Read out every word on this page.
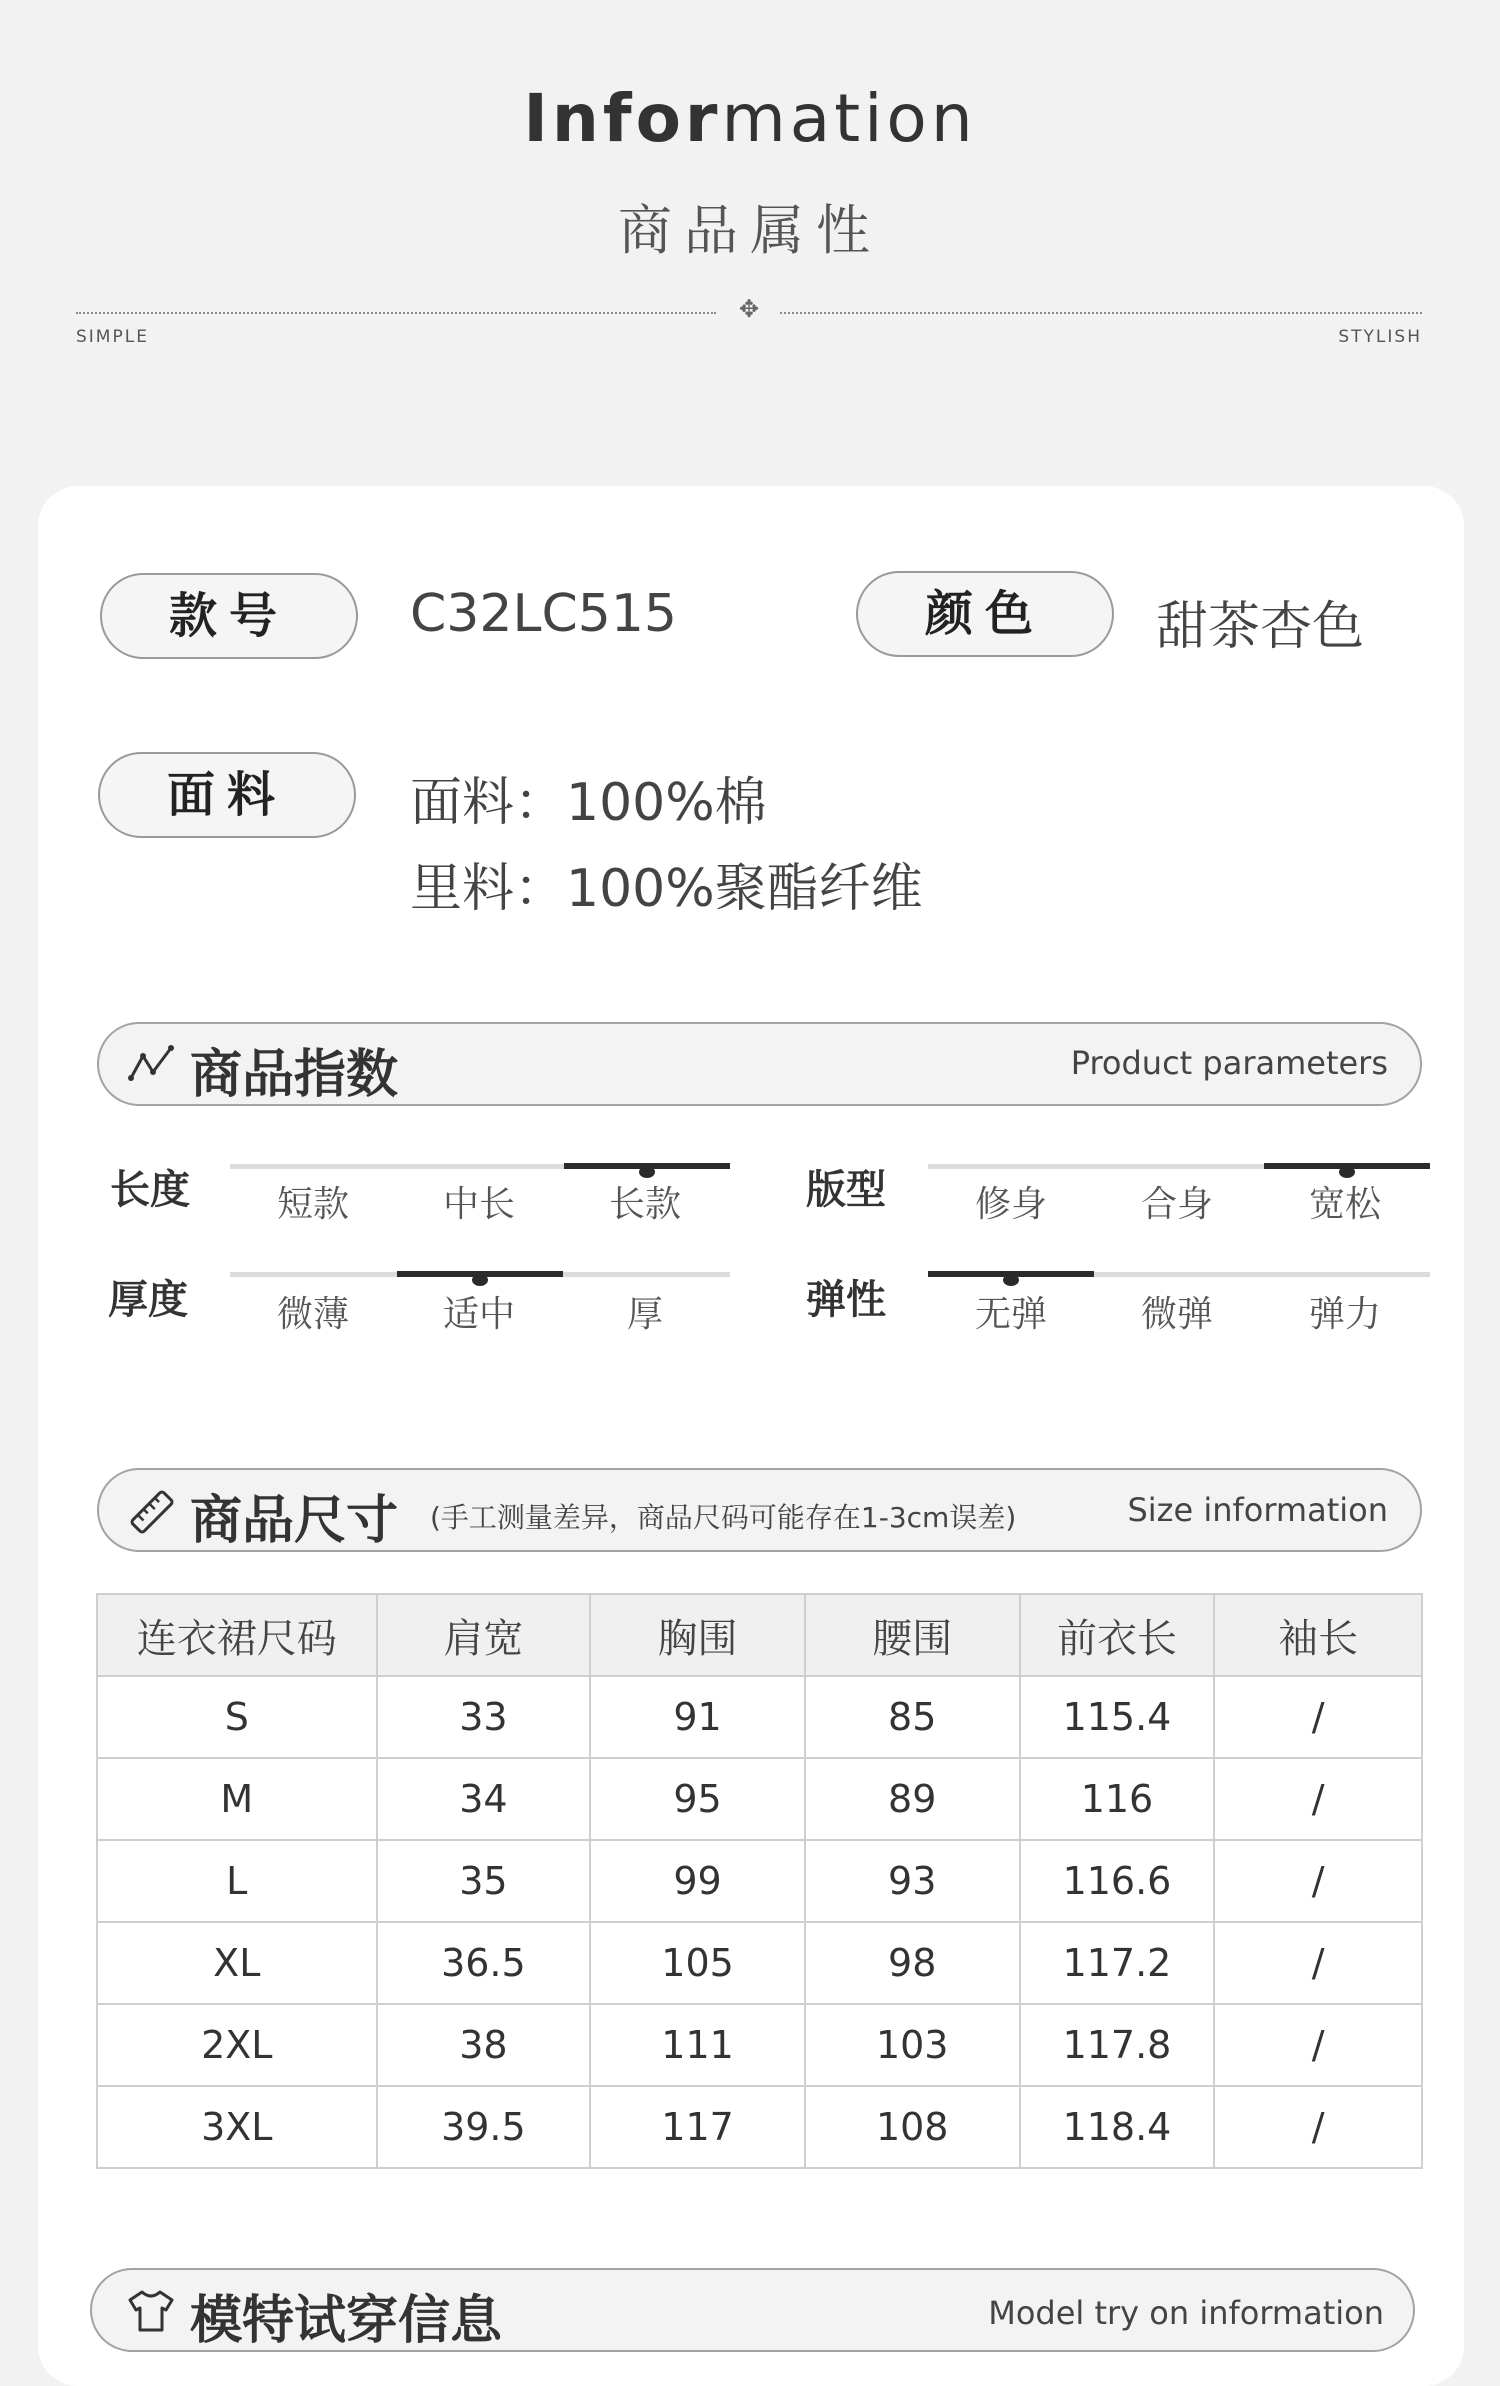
Information
商品属性
✥
SIMPLE	STYLISH
款号	C32LC515	颜色	甜茶杏色
面料	面料：100%棉
里料：100%聚酯纤维
商品指数	Product parameters
长度	短款	中长	长款	版型	修身	合身	宽松
厚度	微薄	适中	厚	弹性	无弹	微弹	弹力
商品尺寸 (手工测量差异，商品尺码可能存在1-3cm误差)	Size information
连衣裙尺码	肩宽	胸围	腰围	前衣长	袖长
S	33	91	85	115.4	/
M	34	95	89	116	/
L	35	99	93	116.6	/
XL	36.5	105	98	117.2	/
2XL	38	111	103	117.8	/
3XL	39.5	117	108	118.4	/
模特试穿信息	Model try on information
